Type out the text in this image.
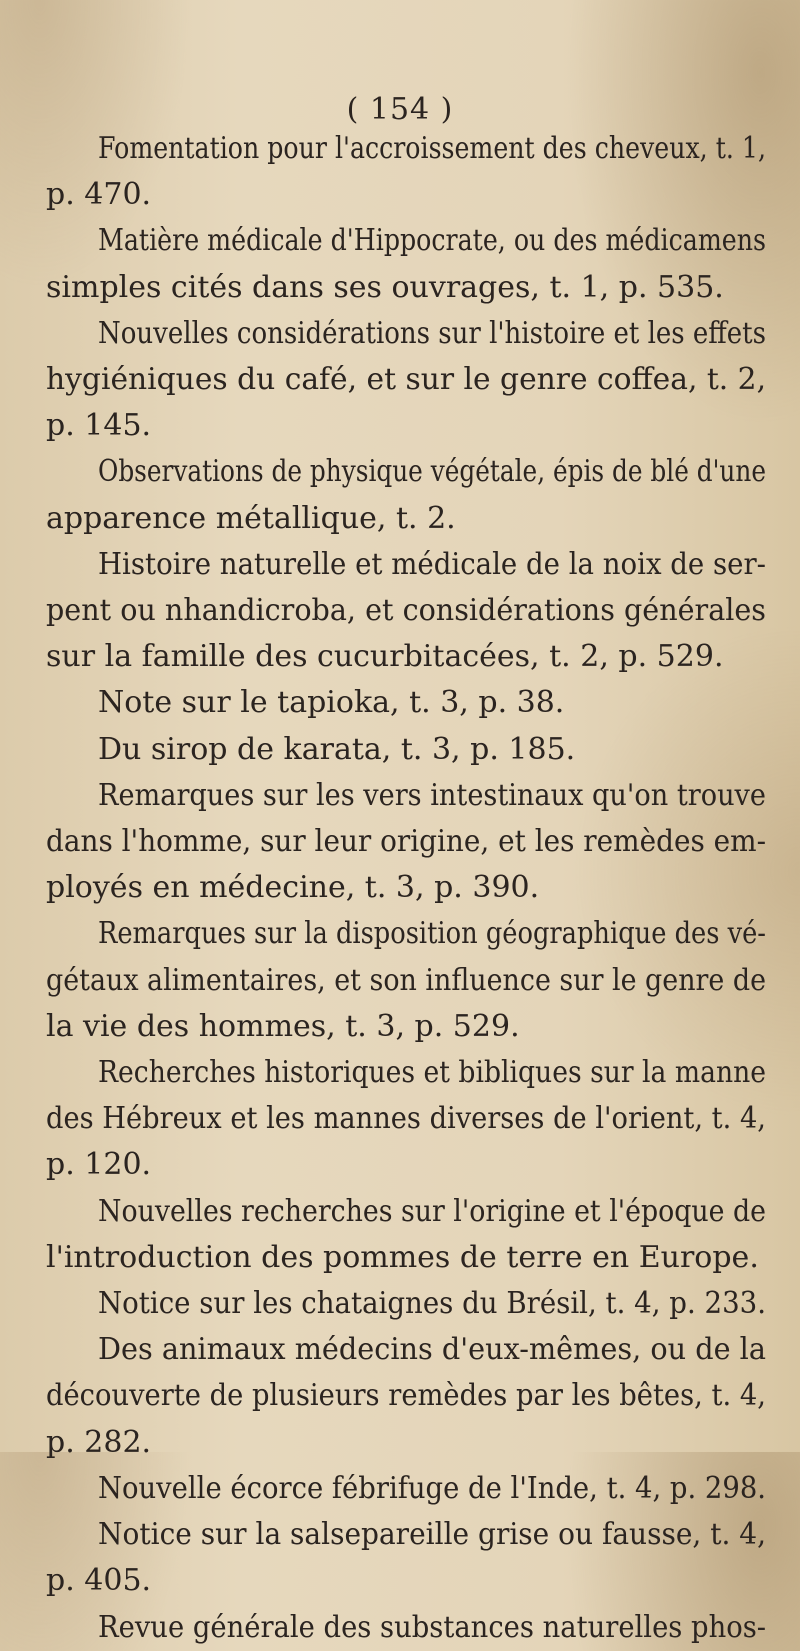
( 154 )
Fomentation pour l'accroissement des cheveux, t. 1,
p. 470.
Matière médicale d'Hippocrate, ou des médicamens
simples cités dans ses ouvrages, t. 1, p. 535.
Nouvelles considérations sur l'histoire et les effets
hygiéniques du café, et sur le genre coffea, t. 2,
p. 145.
Observations de physique végétale, épis de blé d'une
apparence métallique, t. 2.
Histoire naturelle et médicale de la noix de ser-
pent ou nhandicroba, et considérations générales
sur la famille des cucurbitacées, t. 2, p. 529.
Note sur le tapioka, t. 3, p. 38.
Du sirop de karata, t. 3, p. 185.
Remarques sur les vers intestinaux qu'on trouve
dans l'homme, sur leur origine, et les remèdes em-
ployés en médecine, t. 3, p. 390.
Remarques sur la disposition géographique des vé-
gétaux alimentaires, et son influence sur le genre de
la vie des hommes, t. 3, p. 529.
Recherches historiques et bibliques sur la manne
des Hébreux et les mannes diverses de l'orient, t. 4,
p. 120.
Nouvelles recherches sur l'origine et l'époque de
l'introduction des pommes de terre en Europe.
Notice sur les chataignes du Brésil, t. 4, p. 233.
Des animaux médecins d'eux-mêmes, ou de la
découverte de plusieurs remèdes par les bêtes, t. 4,
p. 282.
Nouvelle écorce fébrifuge de l'Inde, t. 4, p. 298.
Notice sur la salsepareille grise ou fausse, t. 4,
p. 405.
Revue générale des substances naturelles phos-
